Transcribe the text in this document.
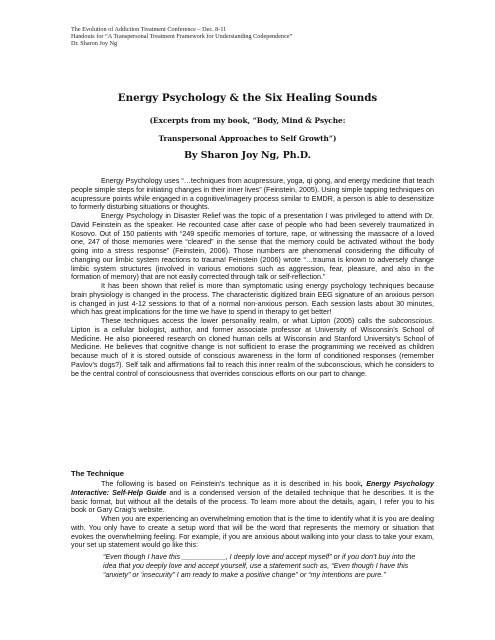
The Evolution of Addiction Treatment Conference – Dec. 8-11
Handouts for “A Transpersonal Treatment Framework for Understanding Codependence”
Dr. Sharon Joy Ng
Energy Psychology & the Six Healing Sounds
(Excerpts from my book, “Body, Mind & Psyche:
Transpersonal Approaches to Self Growth”)
By Sharon Joy Ng, Ph.D.

Energy Psychology uses “…techniques from acupressure, yoga, qi gong, and energy medicine that teach people simple steps for initiating changes in their inner lives” (Feinstein, 2005). Using simple tapping techniques on acupressure points while engaged in a cognitive/imagery process similar to EMDR, a person is able to desensitize to formerly disturbing situations or thoughts.

Energy Psychology in Disaster Relief was the topic of a presentation I was privileged to attend with Dr. David Feinstein as the speaker. He recounted case after case of people who had been severely traumatized in Kosovo. Out of 150 patients with “249 specific memories of torture, rape, or witnessing the massacre of a loved one, 247 of those memories were “cleared” in the sense that the memory could be activated without the body going into a stress response” (Feinstein, 2006). Those numbers are phenomenal considering the difficulty of changing our limbic system reactions to trauma! Feinstein (2006) wrote “…trauma is known to adversely change limbic system structures (involved in various emotions such as aggression, fear, pleasure, and also in the formation of memory) that are not easily corrected through talk or self-reflection.”

It has been shown that relief is more than symptomatic using energy psychology techniques because brain physiology is changed in the process. The characteristic digitized brain EEG signature of an anxious person is changed in just 4-12 sessions to that of a normal non-anxious person. Each session lasts about 30 minutes, which has great implications for the time we have to spend in therapy to get better!

These techniques access the lower personality realm, or what Lipton (2005) calls the subconscious. Lipton is a cellular biologist, author, and former associate professor at University of Wisconsin’s School of Medicine. He also pioneered research on cloned human cells at Wisconsin and Stanford University’s School of Medicine. He believes that cognitive change is not sufficient to erase the programming we received as children because much of it is stored outside of conscious awareness in the form of conditioned responses (remember Pavlov’s dogs?). Self talk and affirmations fail to reach this inner realm of the subconscious, which he considers to be the central control of consciousness that overrides conscious efforts on our part to change.

The Technique

The following is based on Feinstein’s technique as it is described in his book, Energy Psychology Interactive: Self-Help Guide and is a condensed version of the detailed technique that he describes. It is the basic format, but without all the details of the process. To learn more about the details, again, I refer you to his book or Gary Craig’s website.

When you are experiencing an overwhelming emotion that is the time to identify what it is you are dealing with. You only have to create a setup word that will be the word that represents the memory or situation that evokes the overwhelming feeling. For example, if you are anxious about walking into your class to take your exam, your set up statement would go like this:

“Even though I have this ___________, I deeply love and accept myself” or if you don’t buy into the idea that you deeply love and accept yourself, use a statement such as, “Even though I have this “anxiety” or ‘insecurity” I am ready to make a positive change” or “my intentions are pure.”
